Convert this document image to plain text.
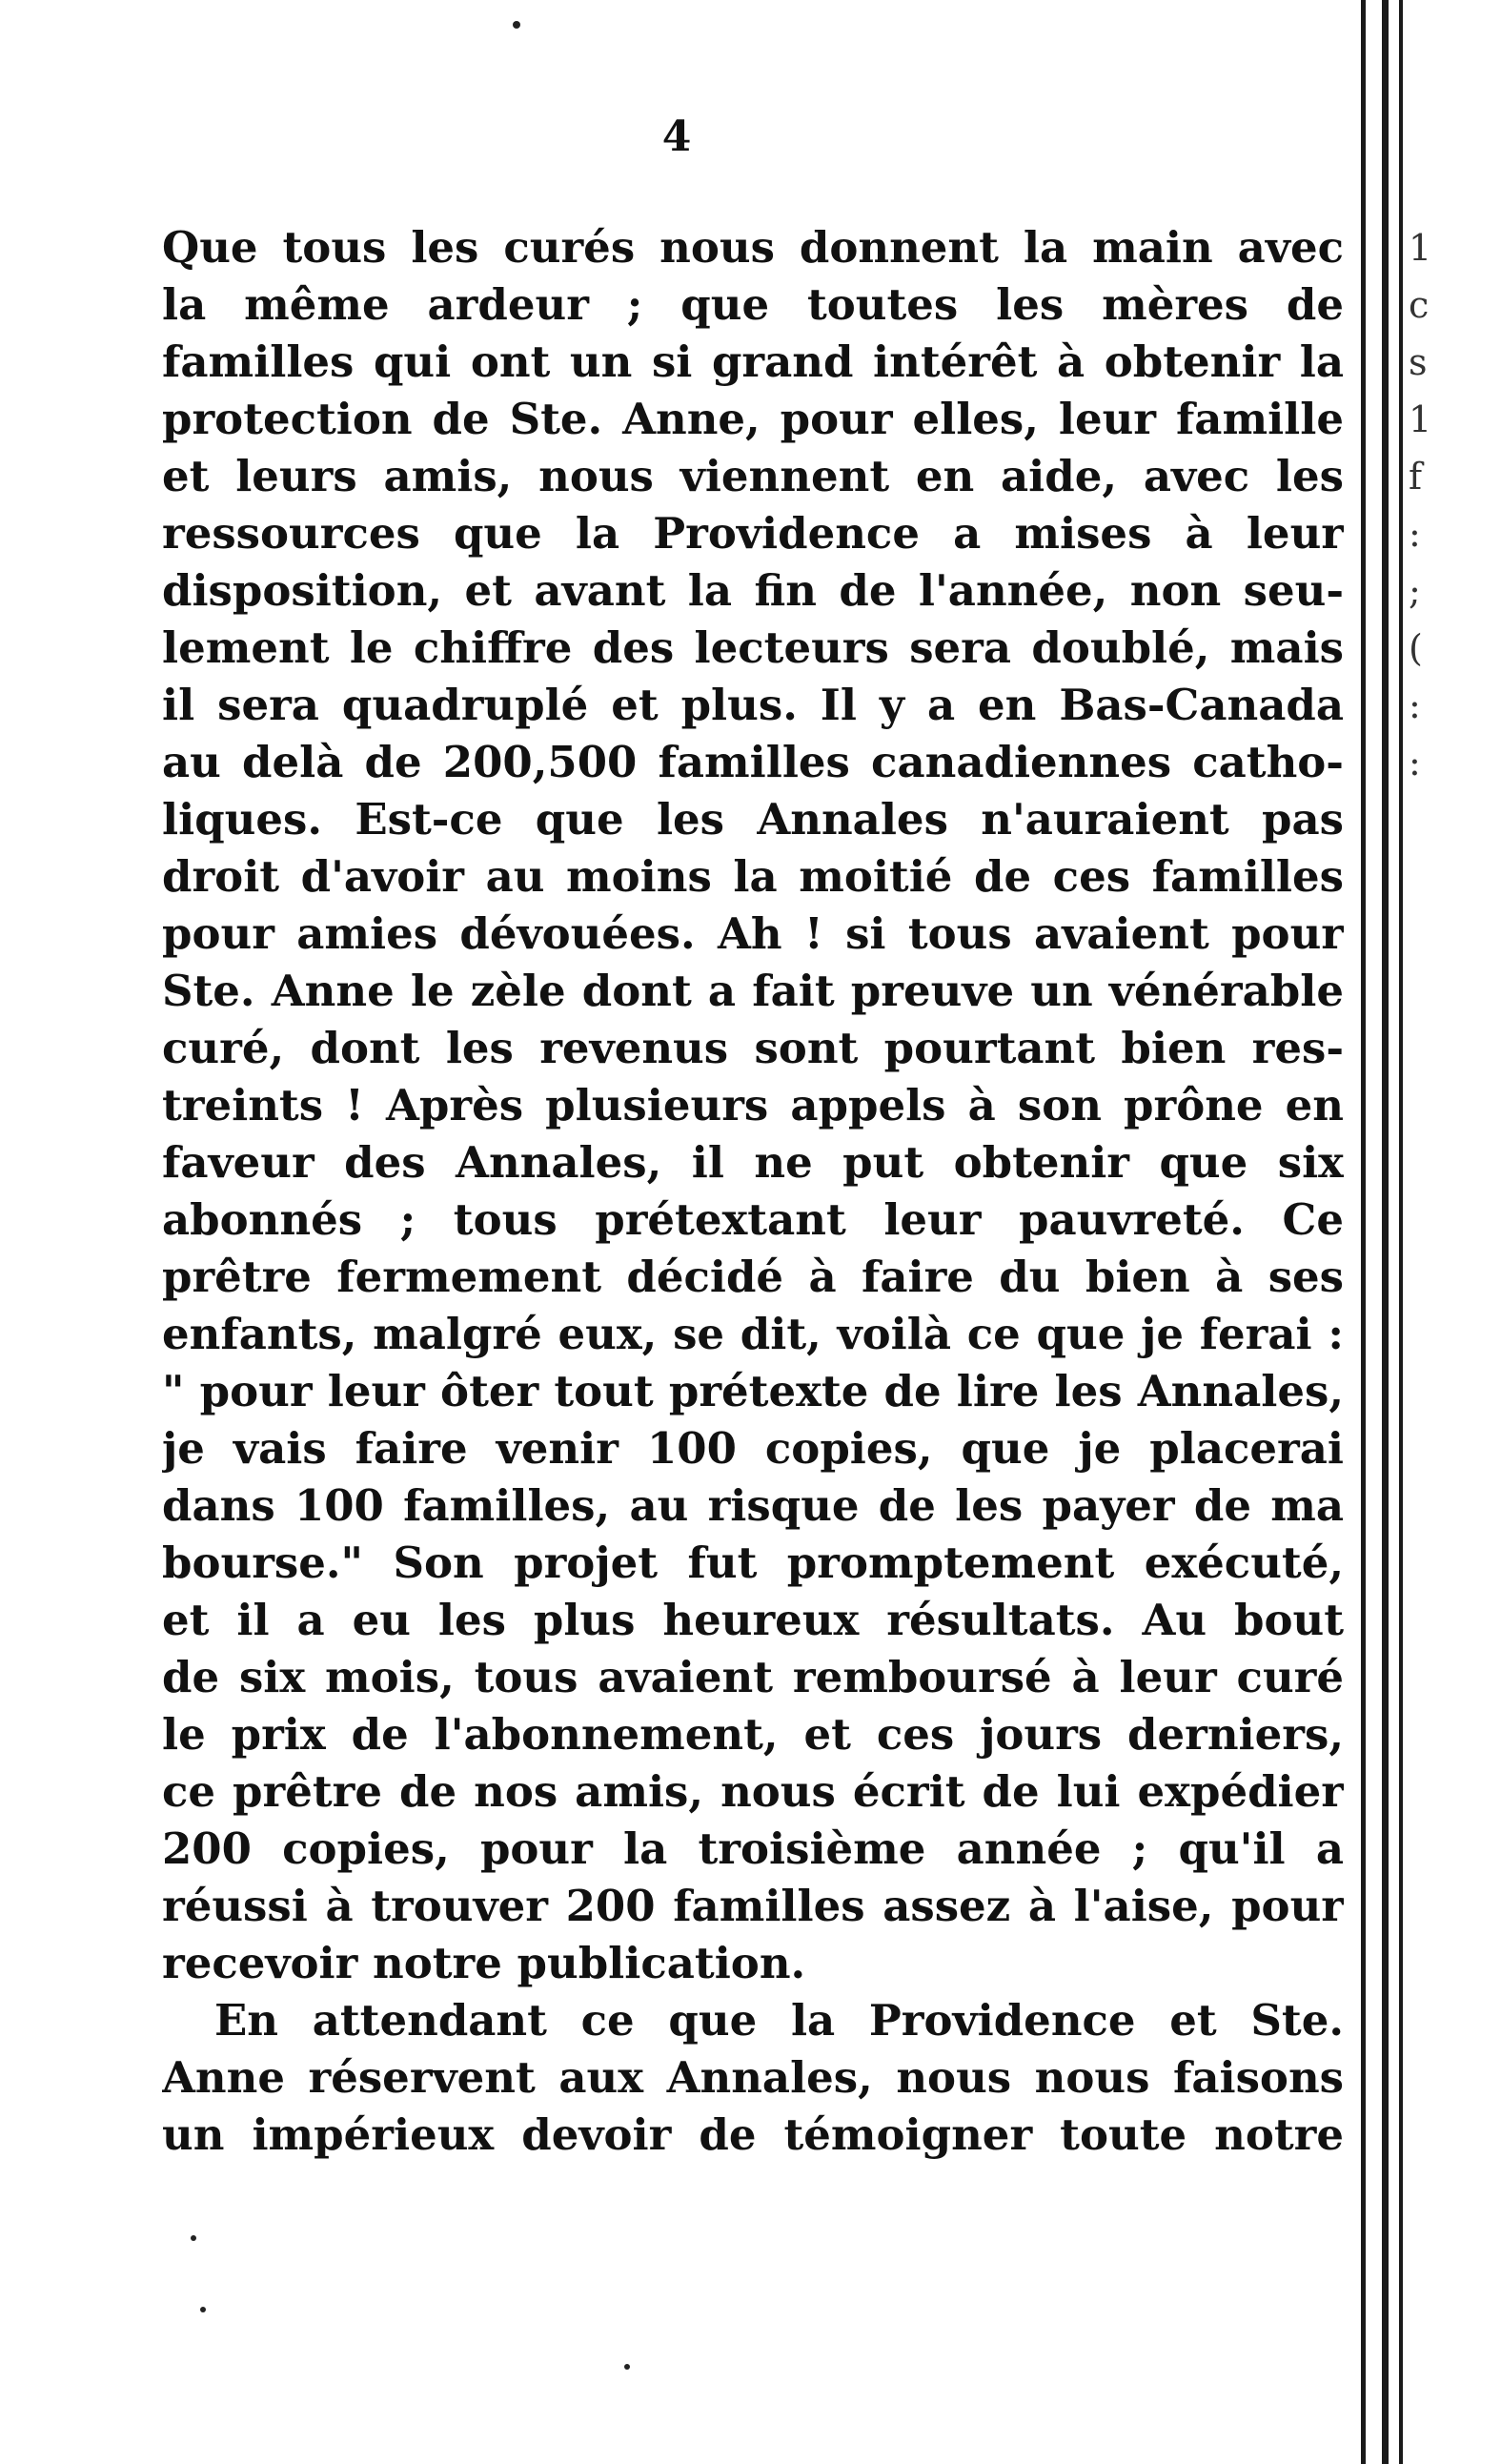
4
Que tous les curés nous donnent la main avec
la même ardeur ; que toutes les mères de
familles qui ont un si grand intérêt à obtenir la
protection de Ste. Anne, pour elles, leur famille
et leurs amis, nous viennent en aide, avec les
ressources que la Providence a mises à leur
disposition, et avant la fin de l'année, non seu-
lement le chiffre des lecteurs sera doublé, mais
il sera quadruplé et plus. Il y a en Bas-Canada
au delà de 200,500 familles canadiennes catho-
liques. Est-ce que les Annales n'auraient pas
droit d'avoir au moins la moitié de ces familles
pour amies dévouées. Ah ! si tous avaient pour
Ste. Anne le zèle dont a fait preuve un vénérable
curé, dont les revenus sont pourtant bien res-
treints ! Après plusieurs appels à son prône en
faveur des Annales, il ne put obtenir que six
abonnés ; tous prétextant leur pauvreté. Ce
prêtre fermement décidé à faire du bien à ses
enfants, malgré eux, se dit, voilà ce que je ferai :
" pour leur ôter tout prétexte de lire les Annales,
je vais faire venir 100 copies, que je placerai
dans 100 familles, au risque de les payer de ma
bourse." Son projet fut promptement exécuté,
et il a eu les plus heureux résultats. Au bout
de six mois, tous avaient remboursé à leur curé
le prix de l'abonnement, et ces jours derniers,
ce prêtre de nos amis, nous écrit de lui expédier
200 copies, pour la troisième année ; qu'il a
réussi à trouver 200 familles assez à l'aise, pour
recevoir notre publication.
En attendant ce que la Providence et Ste.
Anne réservent aux Annales, nous nous faisons
un impérieux devoir de témoigner toute notre
1
c
s
1
f
:
;
(
:
:
